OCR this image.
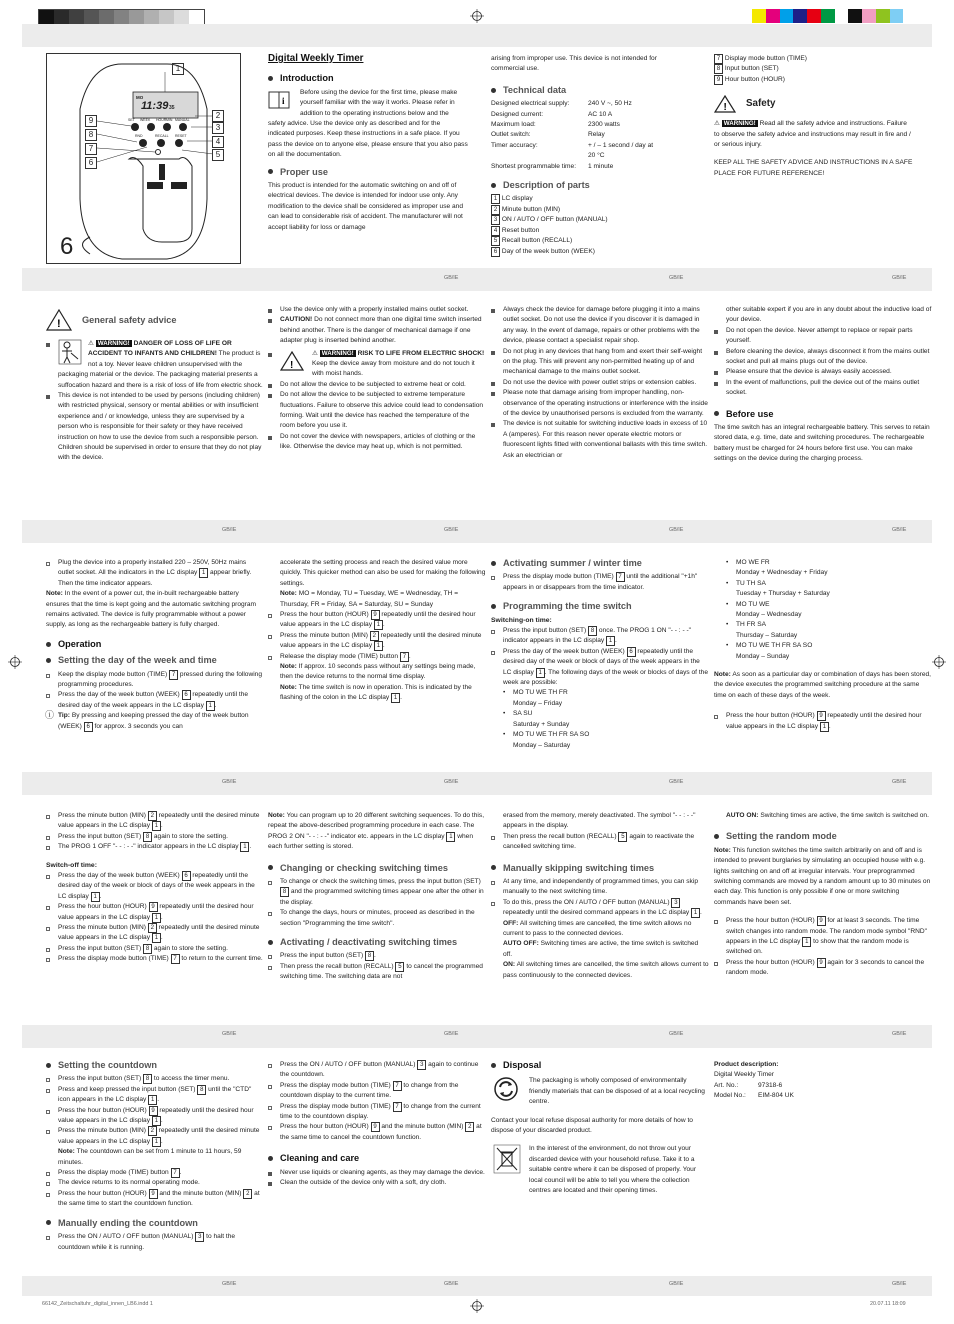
GB/IE	GB/IE	GB/IE
GB/IE	GB/IE	GB/IE	GB/IE
GB/IE	GB/IE	GB/IE	GB/IE
GB/IE	GB/IE	GB/IE	GB/IE
GB/IE	GB/IE	GB/IE	GB/IE
66142_Zeitschaltuhr_digital_innen_LB6.indd 1	20.07.11 18:09
MO
11:39 35
SET WEEK HOUR MIN MANUAL
RECALL
RND	RESET
1
2
3
4
5
9
8
7
6
6
Digital Weekly Timer
Introduction
i

Before using the device for the first time, please make yourself familiar with the way it works. Please refer in addition to the operating instructions below and the safety advice. Use the device only as described and for the indicated purposes. Keep these instructions in a safe place. If you pass the device on to anyone else, please ensure that you also pass on all the documentation.

Proper use

This product is intended for the automatic switching on and off of electrical devices. The device is intended for indoor use only. Any modification to the device shall be considered as improper use and can lead to considerable risk of accident. The manufacturer will not accept liability for loss or damage

arising from improper use. This device is not intended for commercial use.

Technical data
Designed electrical supply:	240 V ~, 50 Hz
Designed current:	AC 10 A
Maximum load:	2300 watts
Outlet switch:	Relay
Timer accuracy:	+ / – 1 second / day at
20 °C
Shortest programmable time:	1 minute
Description of parts
1 LC display
2 Minute button (MIN)
3 ON / AUTO / OFF button (MANUAL)
4 Reset button
5 Recall button (RECALL)
6 Day of the week button (WEEK)
7 Display mode button (TIME)
8 Input button (SET)
9 Hour button (HOUR)
! Safety

⚠ WARNING! Read all the safety advice and instructions. Failure to observe the safety advice and instructions may result in fire and / or serious injury.

KEEP ALL THE SAFETY ADVICE AND INSTRUCTIONS IN A SAFE PLACE FOR FUTURE REFERENCE!

! General safety advice

⚠ WARNING! DANGER OF LOSS OF LIFE OR ACCIDENT TO INFANTS AND CHILDREN! The product is not a toy. Never leave children unsupervised with the packaging material or the device. The packaging material presents a suffocation hazard and there is a risk of loss of life from electric shock.

This device is not intended to be used by persons (including children) with restricted physical, sensory or mental abilities or with insufficient experience and / or knowledge, unless they are supervised by a person who is responsible for their safety or they have received instruction on how to use the device from such a responsible person. Children should be supervised in order to ensure that they do not play with the device.

Use the device only with a properly installed mains outlet socket.

CAUTION! Do not connect more than one digital time switch inserted behind another. There is the danger of mechanical damage if one adapter plug is inserted behind another.

!

⚠ WARNING! RISK TO LIFE FROM ELECTRIC SHOCK! Keep the device away from moisture and do not touch it with moist hands.

Do not allow the device to be subjected to extreme heat or cold.

Do not allow the device to be subjected to extreme temperature fluctuations. Failure to observe this advice could lead to condensation forming. Wait until the device has reached the temperature of the room before you use it.

Do not cover the device with newspapers, articles of clothing or the like. Otherwise the device may heat up, which is not permitted.

Always check the device for damage before plugging it into a mains outlet socket. Do not use the device if you discover it is damaged in any way. In the event of damage, repairs or other problems with the device, please contact a specialist repair shop.

Do not plug in any devices that hang from and exert their self-weight on the plug. This will prevent any non-permitted heating up of and mechanical damage to the mains outlet socket.

Do not use the device with power outlet strips or extension cables.

Please note that damage arising from improper handling, non-observance of the operating instructions or interference with the inside of the device by unauthorised persons is excluded from the warranty.

The device is not suitable for switching inductive loads in excess of 10 A (amperes). For this reason never operate electric motors or fluorescent lights fitted with conventional ballasts with this time switch. Ask an electrician or

other suitable expert if you are in any doubt about the inductive load of your device.

Do not open the device. Never attempt to replace or repair parts yourself.

Before cleaning the device, always disconnect it from the mains outlet socket and pull all mains plugs out of the device.

Please ensure that the device is always easily accessed.

In the event of malfunctions, pull the device out of the mains outlet socket.

Before use

The time switch has an integral rechargeable battery. This serves to retain stored data, e.g. time, date and switching procedures. The rechargeable battery must be charged for 24 hours before first use. You can make settings on the device during the charging process.

Plug the device into a properly installed 220 – 250V, 50Hz mains outlet socket. All the indicators in the LC display 1 appear briefly. Then the time indicator appears.

Note: In the event of a power cut, the in-built rechargeable battery ensures that the time is kept going and the automatic switching program remains activated. The device is fully programmable without a power supply, as long as the rechargeable battery is fully charged.

Operation
Setting the day of the week and time

Keep the display mode button (TIME) 7 pressed during the following programming procedures.

Press the day of the week button (WEEK) 6 repeatedly until the desired day of the week appears in the LC display 1 .

ⓘ Tip: By pressing and keeping pressed the day of the week button (WEEK) 6 for approx. 3 seconds you can

accelerate the setting process and reach the desired value more quickly. This quicker method can also be used for making the following settings.

Note: MO = Monday, TU = Tuesday, WE = Wednesday, TH = Thursday, FR = Friday, SA = Saturday, SU = Sunday

Press the hour button (HOUR) 9 repeatedly until the desired hour value appears in the LC display 1 .

Press the minute button (MIN) 2 repeatedly until the desired minute value appears in the LC display 1 .

Release the display mode (TIME) button 7 .

Note: If approx. 10 seconds pass without any settings being made, then the device returns to the normal time display.

Note: The time switch is now in operation. This is indicated by the flashing of the colon in the LC display 1 .

Activating summer / winter time

Press the display mode button (TIME) 7 until the additional "+1h" appears in or disappears from the time indicator.

Programming the time switch
Switching-on time:

Press the input button (SET) 8 once. The PROG 1 ON "- - : - -" indicator appears in the LC display 1 .

Press the day of the week button (WEEK) 6 repeatedly until the desired day of the week or block of days of the week appears in the LC display 1 . The following days of the week or blocks of days of the week are possible:

• MO TU WE TH FR
Monday – Friday
• SA SU
Saturday + Sunday
• MO TU WE TH FR SA SO
Monday – Saturday
• MO WE FR
Monday + Wednesday + Friday
• TU TH SA
Tuesday + Thursday + Saturday
• MO TU WE
Monday – Wednesday
• TH FR SA
Thursday – Saturday
• MO TU WE TH FR SA SO
Monday – Sunday

Note: As soon as a particular day or combination of days has been stored, the device executes the programmed switching procedure at the same time on each of these days of the week.

Press the hour button (HOUR) 9 repeatedly until the desired hour value appears in the LC display 1 .

Press the minute button (MIN) 2 repeatedly until the desired minute value appears in the LC display 1 .

Press the input button (SET) 8 again to store the setting.

The PROG 1 OFF "- - : - -" indicator appears in the LC display 1 .

Switch-off time:

Press the day of the week button (WEEK) 6 repeatedly until the desired day of the week or block of days of the week appears in the LC display 1 .

Press the hour button (HOUR) 9 repeatedly until the desired hour value appears in the LC display 1 .

Press the minute button (MIN) 2 repeatedly until the desired minute value appears in the LC display 1 .

Press the input button (SET) 8 again to store the setting.

Press the display mode button (TIME) 7 to return to the current time.

Note: You can program up to 20 different switching sequences. To do this, repeat the above-described programming procedure in each case. The PROG 2 ON "- - : - -" indicator etc. appears in the LC display 1 when each further setting is stored.

Changing or checking switching times

To change or check the switching times, press the input button (SET) 8 and the programmed switching times appear one after the other in the display.

To change the days, hours or minutes, proceed as described in the section "Programming the time switch".

Activating / deactivating switching times

Press the input button (SET) 8 .

Then press the recall button (RECALL) 5 to cancel the programmed switching time. The switching data are not

erased from the memory, merely deactivated. The symbol "- - : - -" appears in the display.

Then press the recall button (RECALL) 5 again to reactivate the cancelled switching time.

Manually skipping switching times

At any time, and independently of programmed times, you can skip manually to the next switching time.

To do this, press the ON / AUTO / OFF button (MANUAL) 3 repeatedly until the desired command appears in the LC display 1 .

OFF: All switching times are cancelled, the time switch allows no current to pass to the connected devices.

AUTO OFF: Switching times are active, the time switch is switched off.

ON: All switching times are cancelled, the time switch allows current to pass continuously to the connected devices.

AUTO ON: Switching times are active, the time switch is switched on.

Setting the random mode

Note: This function switches the time switch arbitrarily on and off and is intended to prevent burglaries by simulating an occupied house with e.g. lights switching on and off at irregular intervals. Your preprogrammed switching commands are moved by a random amount up to 30 minutes on each day. This function is only possible if one or more switching commands have been set.

Press the hour button (HOUR) 9 for at least 3 seconds. The time switch changes into random mode. The random mode symbol "RND" appears in the LC display 1 to show that the random mode is switched on.

Press the hour button (HOUR) 9 again for 3 seconds to cancel the random mode.

Setting the countdown

Press the input button (SET) 8 to access the timer menu.

Press and keep pressed the input button (SET) 8 until the "CTD" icon appears in the LC display 1 .

Press the hour button (HOUR) 9 repeatedly until the desired hour value appears in the LC display 1 .

Press the minute button (MIN) 2 repeatedly until the desired minute value appears in the LC display 1 .

Note: The countdown can be set from 1 minute to 11 hours, 59 minutes.

Press the display mode (TIME) button 7 .

The device returns to its normal operating mode.

Press the hour button (HOUR) 9 and the minute button (MIN) 2 at the same time to start the countdown function.

Manually ending the countdown

Press the ON / AUTO / OFF button (MANUAL) 3 to halt the countdown while it is running.

Press the ON / AUTO / OFF button (MANUAL) 3 again to continue the countdown.

Press the display mode button (TIME) 7 to change from the countdown display to the current time.

Press the display mode button (TIME) 7 to change from the current time to the countdown display.

Press the hour button (HOUR) 9 and the minute button (MIN) 2 at the same time to cancel the countdown function.

Cleaning and care

Never use liquids or cleaning agents, as they may damage the device.

Clean the outside of the device only with a soft, dry cloth.

Disposal

The packaging is wholly composed of environmentally friendly materials that can be disposed of at a local recycling centre.

Contact your local refuse disposal authority for more details of how to dispose of your discarded product.

In the interest of the environment, do not throw out your discarded device with your household refuse. Take it to a suitable centre where it can be disposed of properly. Your local council will be able to tell you where the collection centres are located and their opening times.

Product description:

Digital Weekly Timer

Art. No.:	97318-6

Model No.:	EIM-804 UK
